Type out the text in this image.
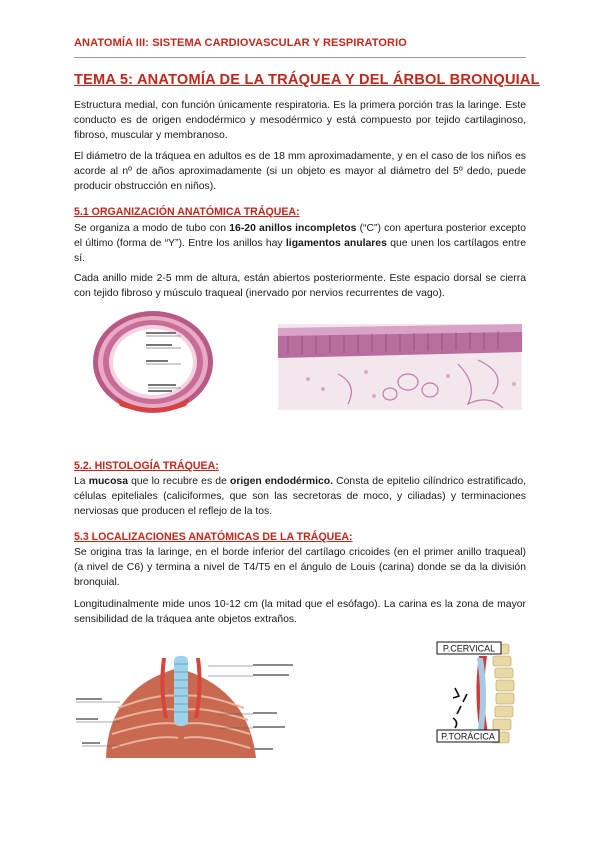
ANATOMÍA III: SISTEMA CARDIOVASCULAR Y RESPIRATORIO
TEMA 5: ANATOMÍA DE LA TRÁQUEA Y DEL ÁRBOL BRONQUIAL

Estructura medial, con función únicamente respiratoria. Es la primera porción tras la laringe. Este conducto es de origen endodérmico y mesodérmico y está compuesto por tejido cartilaginoso, fibroso, muscular y membranoso.

El diámetro de la tráquea en adultos es de 18 mm aproximadamente, y en el caso de los niños es acorde al nº de años aproximadamente (si un objeto es mayor al diámetro del 5º dedo, puede producir obstrucción en niños).

5.1 ORGANIZACIÓN ANATÓMICA TRÁQUEA:

Se organiza a modo de tubo con 16-20 anillos incompletos (“C”) con apertura posterior excepto el último (forma de “Y”). Entre los anillos hay ligamentos anulares que unen los cartílagos entre sí.

Cada anillo mide 2-5 mm de altura, están abiertos posteriormente. Este espacio dorsal se cierra con tejido fibroso y músculo traqueal (inervado por nervios recurrentes de vago).

5.2. HISTOLOGÍA TRÁQUEA:

La mucosa que lo recubre es de origen endodérmico. Consta de epitelio cilíndrico estratificado, células epiteliales (caliciformes, que son las secretoras de moco, y ciliadas) y terminaciones nerviosas que producen el reflejo de la tos.

5.3 LOCALIZACIONES ANATÓMICAS DE LA TRÁQUEA:

Se origina tras la laringe, en el borde inferior del cartílago cricoides (en el primer anillo traqueal) (a nivel de C6) y termina a nivel de T4/T5 en el ángulo de Louis (carina) donde se da la división bronquial.

Longitudinalmente mide unos 10-12 cm (la mitad que el esófago). La carina es la zona de mayor sensibilidad de la tráquea ante objetos extraños.

P.CERVICAL
P.TORÁCICA
